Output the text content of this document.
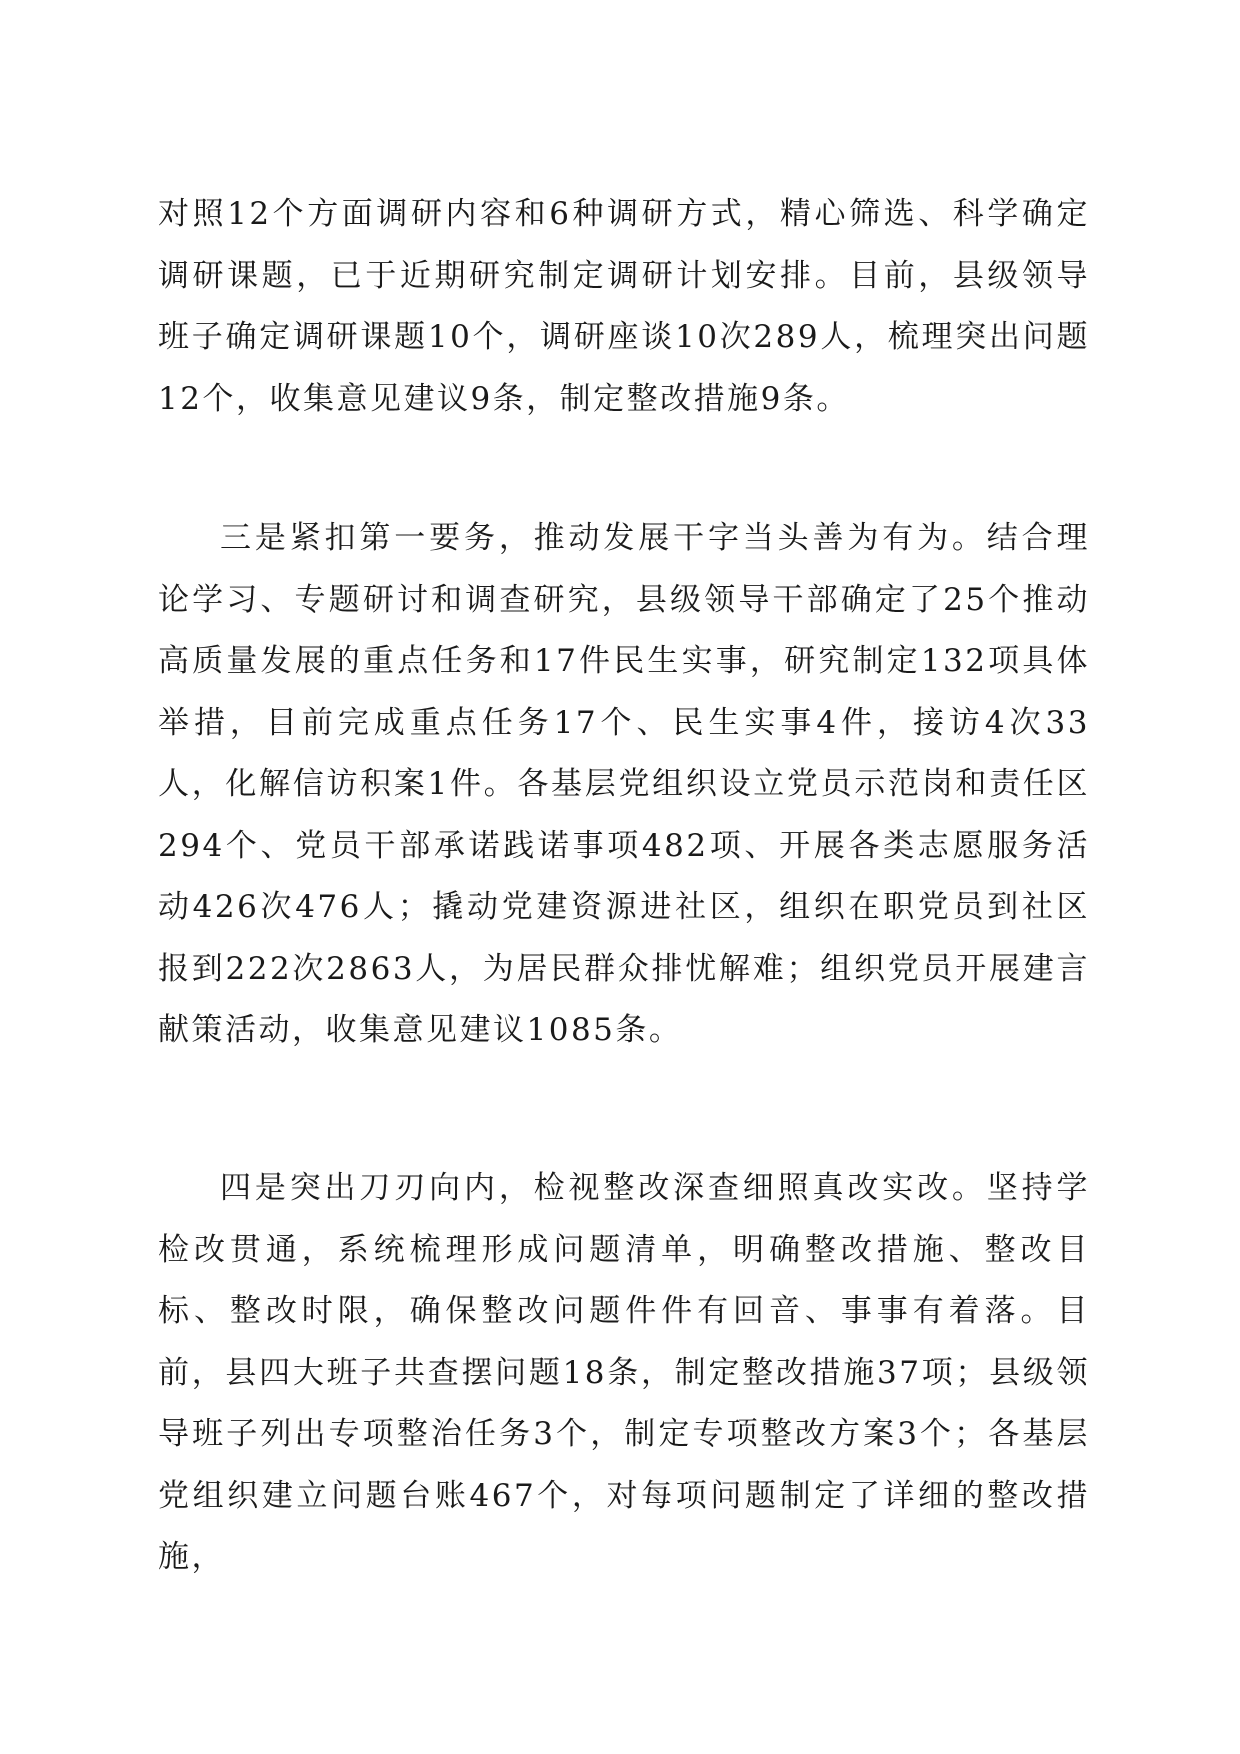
对照12个方面调研内容和6种调研方式，精心筛选、科学确定调研课题，已于近期研究制定调研计划安排。目前，县级领导班子确定调研课题10个，调研座谈10次289人，梳理突出问题12个，收集意见建议9条，制定整改措施9条。

三是紧扣第一要务，推动发展干字当头善为有为。结合理论学习、专题研讨和调查研究，县级领导干部确定了25个推动高质量发展的重点任务和17件民生实事，研究制定132项具体举措，目前完成重点任务17个、民生实事4件，接访4次33人，化解信访积案1件。各基层党组织设立党员示范岗和责任区294个、党员干部承诺践诺事项482项、开展各类志愿服务活动426次476人；撬动党建资源进社区，组织在职党员到社区报到222次2863人，为居民群众排忧解难；组织党员开展建言献策活动，收集意见建议1085条。

四是突出刀刃向内，检视整改深查细照真改实改。坚持学检改贯通，系统梳理形成问题清单，明确整改措施、整改目标、整改时限，确保整改问题件件有回音、事事有着落。目前，县四大班子共查摆问题18条，制定整改措施37项；县级领导班子列出专项整治任务3个，制定专项整改方案3个；各基层党组织建立问题台账467个，对每项问题制定了详细的整改措施，
